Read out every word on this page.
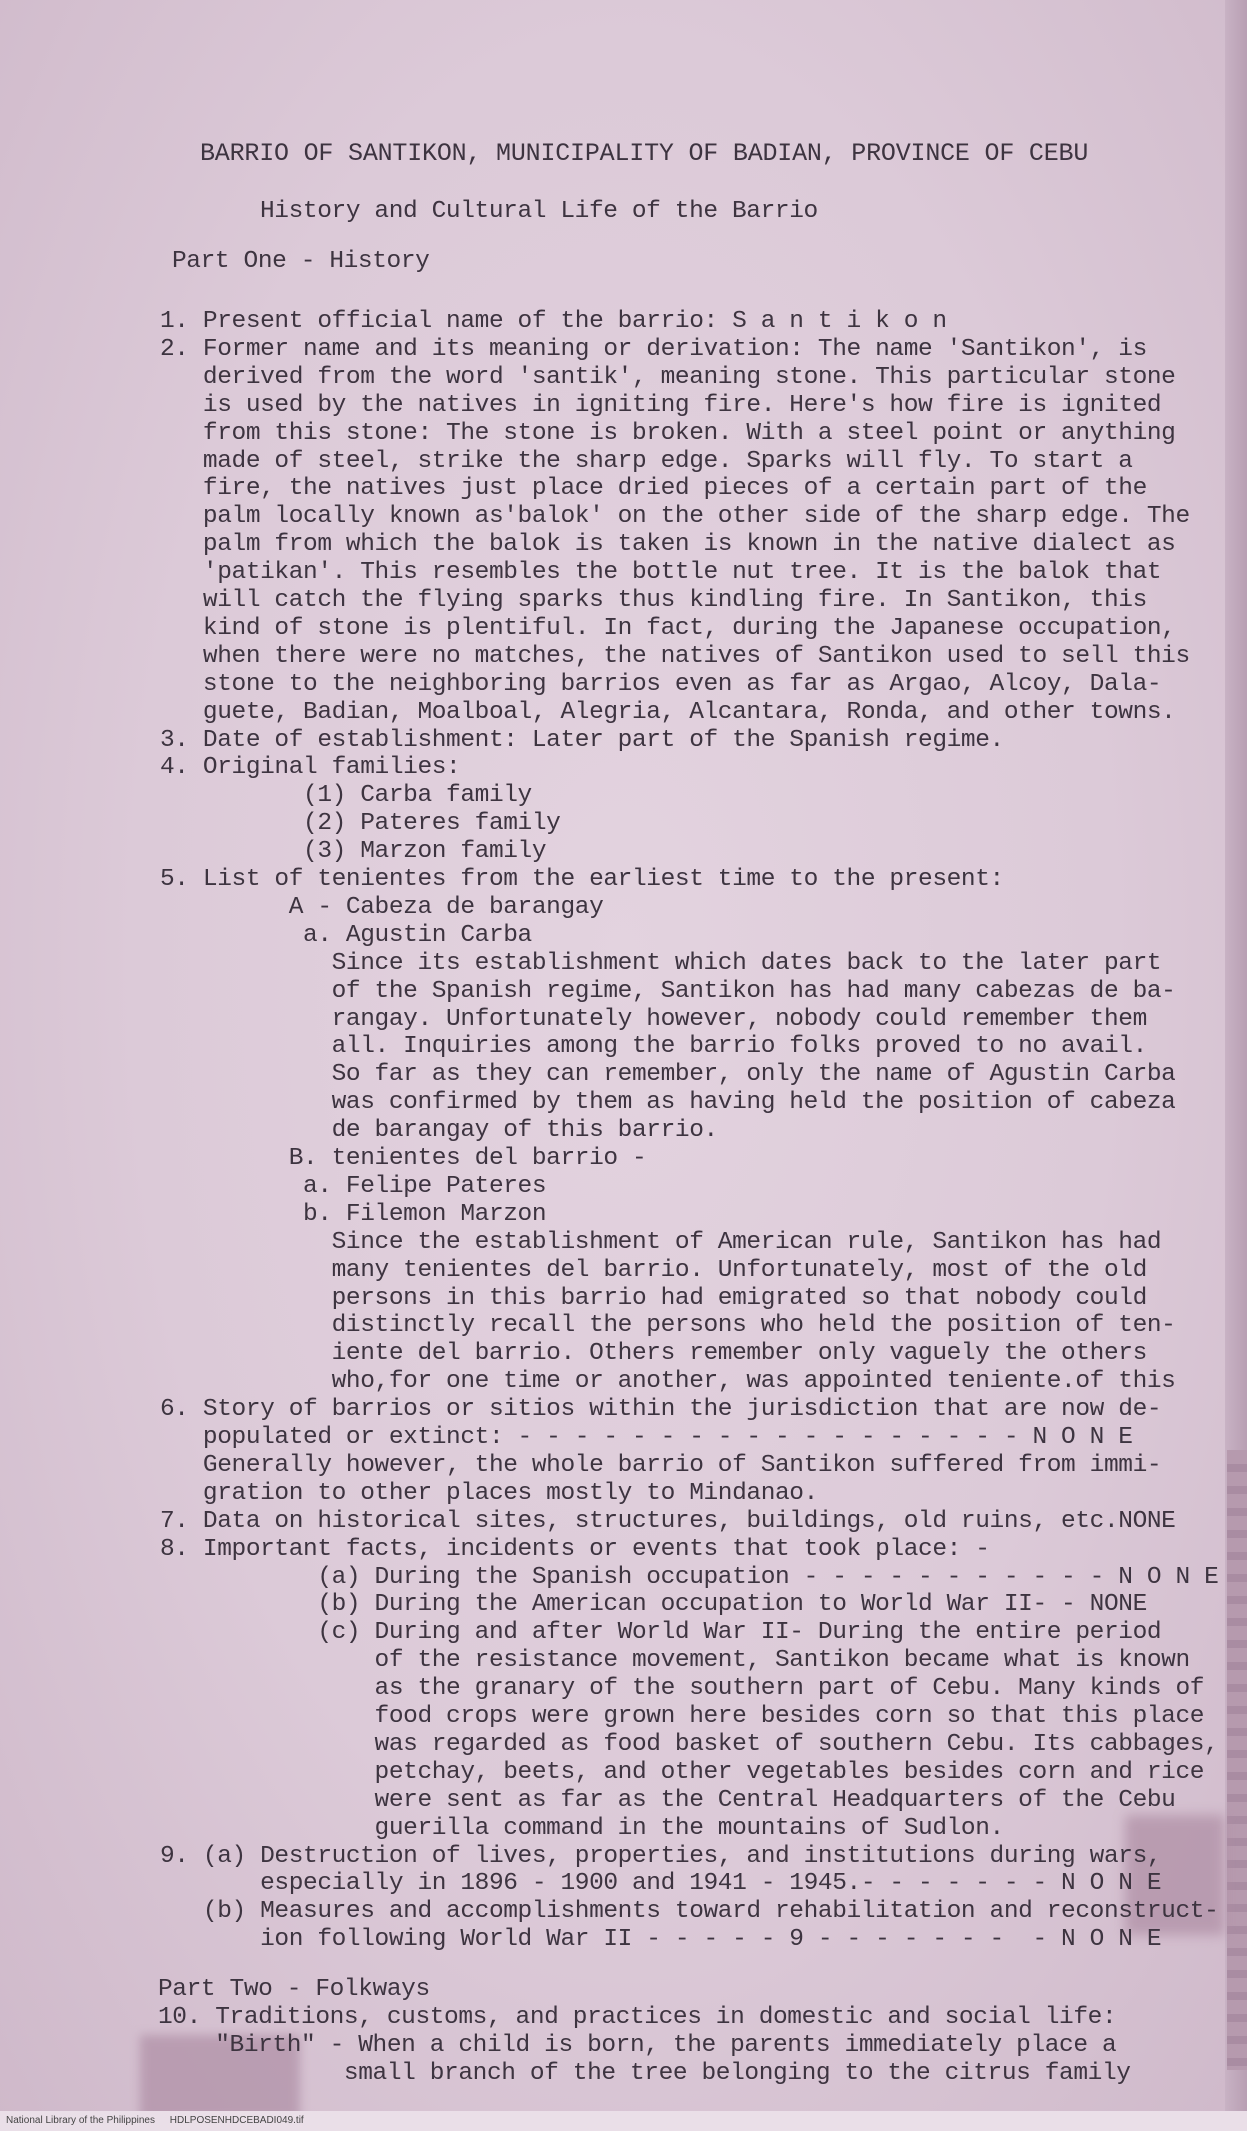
BARRIO OF SANTIKON, MUNICIPALITY OF BADIAN, PROVINCE OF CEBU
History and Cultural Life of the Barrio
Part One - History
1. Present official name of the barrio: S a n t i k o n
2. Former name and its meaning or derivation: The name 'Santikon', is
derived from the word 'santik', meaning stone. This particular stone
is used by the natives in igniting fire. Here's how fire is ignited
from this stone: The stone is broken. With a steel point or anything
made of steel, strike the sharp edge. Sparks will fly. To start a
fire, the natives just place dried pieces of a certain part of the
palm locally known as'balok' on the other side of the sharp edge. The
palm from which the balok is taken is known in the native dialect as
'patikan'. This resembles the bottle nut tree. It is the balok that
will catch the flying sparks thus kindling fire. In Santikon, this
kind of stone is plentiful. In fact, during the Japanese occupation,
when there were no matches, the natives of Santikon used to sell this
stone to the neighboring barrios even as far as Argao, Alcoy, Dala-
guete, Badian, Moalboal, Alegria, Alcantara, Ronda, and other towns.
3. Date of establishment: Later part of the Spanish regime.
4. Original families:
(1) Carba family
(2) Pateres family
(3) Marzon family
5. List of tenientes from the earliest time to the present:
A - Cabeza de barangay
a. Agustin Carba
Since its establishment which dates back to the later part
of the Spanish regime, Santikon has had many cabezas de ba-
rangay. Unfortunately however, nobody could remember them
all. Inquiries among the barrio folks proved to no avail.
So far as they can remember, only the name of Agustin Carba
was confirmed by them as having held the position of cabeza
de barangay of this barrio.
B. tenientes del barrio -
a. Felipe Pateres
b. Filemon Marzon
Since the establishment of American rule, Santikon has had
many tenientes del barrio. Unfortunately, most of the old
persons in this barrio had emigrated so that nobody could
distinctly recall the persons who held the position of ten-
iente del barrio. Others remember only vaguely the others
who,for one time or another, was appointed teniente.of this
6. Story of barrios or sitios within the jurisdiction that are now de-
populated or extinct: - - - - - - - - - - - - - - - - - - N O N E
Generally however, the whole barrio of Santikon suffered from immi-
gration to other places mostly to Mindanao.
7. Data on historical sites, structures, buildings, old ruins, etc.NONE
8. Important facts, incidents or events that took place: -
(a) During the Spanish occupation - - - - - - - - - - - N O N E
(b) During the American occupation to World War II- - NONE
(c) During and after World War II- During the entire period
of the resistance movement, Santikon became what is known
as the granary of the southern part of Cebu. Many kinds of
food crops were grown here besides corn so that this place
was regarded as food basket of southern Cebu. Its cabbages,
petchay, beets, and other vegetables besides corn and rice
were sent as far as the Central Headquarters of the Cebu
guerilla command in the mountains of Sudlon.
9. (a) Destruction of lives, properties, and institutions during wars,
especially in 1896 - 1900 and 1941 - 1945.- - - - - - - N O N E
(b) Measures and accomplishments toward rehabilitation and reconstruct-
ion following World War II - - - - - 9 - - - - - - -  - N O N E
Part Two - Folkways
10. Traditions, customs, and practices in domestic and social life:
"Birth" - When a child is born, the parents immediately place a
small branch of the tree belonging to the citrus family
National Library of the Philippines HDLPOSENHDCEBADI049.tif
